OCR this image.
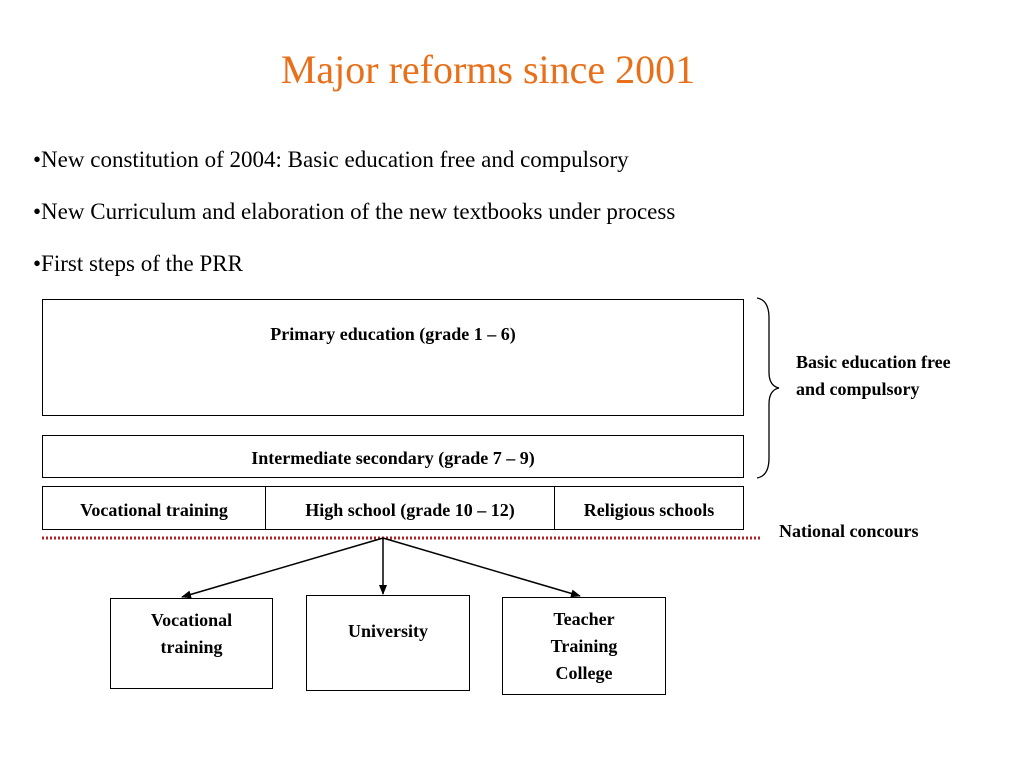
Major reforms since 2001
•New constitution of 2004: Basic education free and compulsory
•New Curriculum and elaboration of the new textbooks under process
•First steps of the PRR
Primary education (grade 1 – 6)
Intermediate secondary (grade 7 – 9)
Vocational training	High school (grade 10 – 12)	Religious schools
Basic education free
and compulsory
National concours
Vocational
training
University
Teacher
Training
College
